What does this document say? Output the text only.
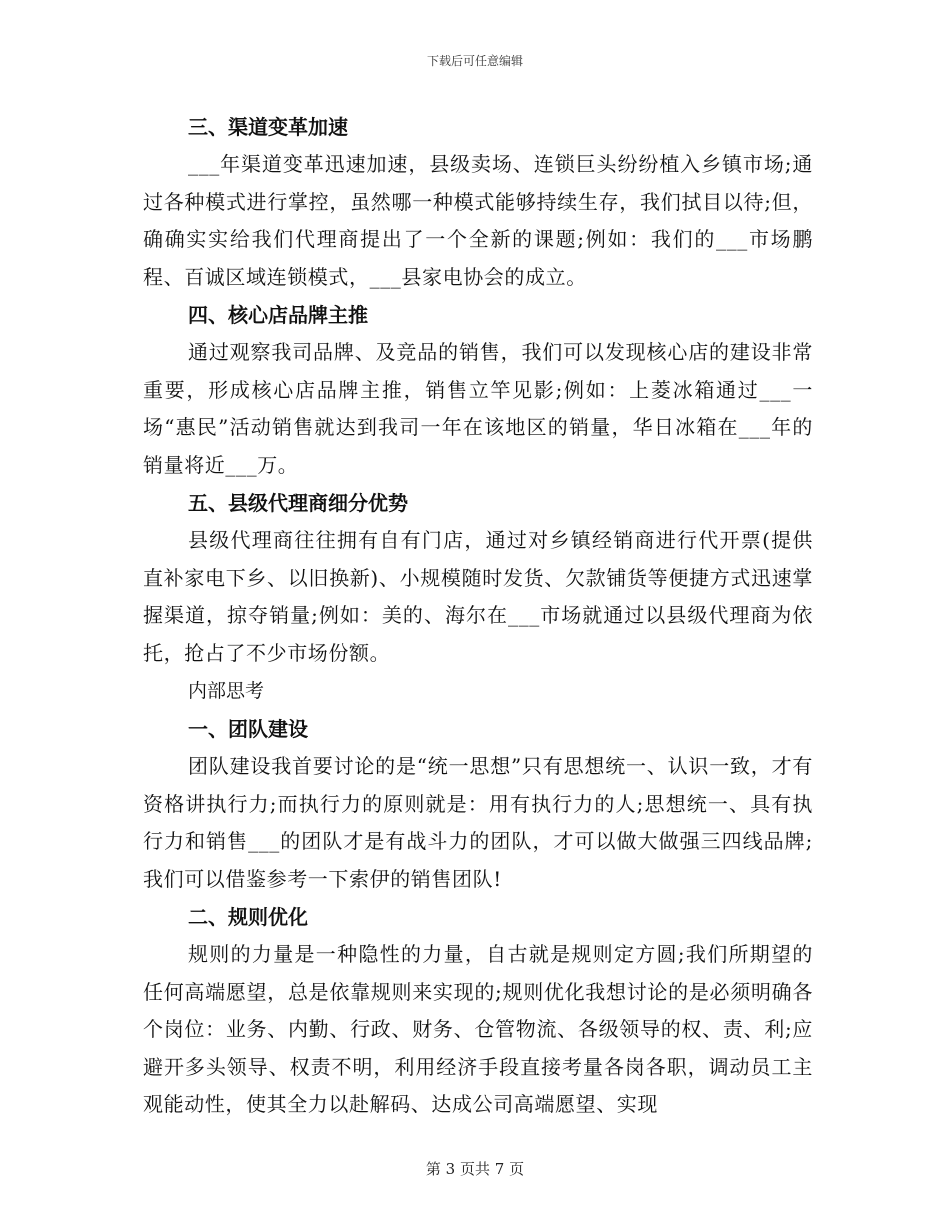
下载后可任意编辑

三、渠道变革加速

___年渠道变革迅速加速，县级卖场、连锁巨头纷纷植入乡镇市场;通过各种模式进行掌控，虽然哪一种模式能够持续生存，我们拭目以待;但，确确实实给我们代理商提出了一个全新的课题;例如：我们的___市场鹏程、百诚区域连锁模式，___县家电协会的成立。

四、核心店品牌主推

通过观察我司品牌、及竞品的销售，我们可以发现核心店的建设非常重要，形成核心店品牌主推，销售立竿见影;例如：上菱冰箱通过___一场“惠民”活动销售就达到我司一年在该地区的销量，华日冰箱在___年的销量将近___万。

五、县级代理商细分优势

县级代理商往往拥有自有门店，通过对乡镇经销商进行代开票(提供直补家电下乡、以旧换新)、小规模随时发货、欠款铺货等便捷方式迅速掌握渠道，掠夺销量;例如：美的、海尔在___市场就通过以县级代理商为依托，抢占了不少市场份额。

内部思考

一、团队建设

团队建设我首要讨论的是“统一思想”只有思想统一、认识一致，才有资格讲执行力;而执行力的原则就是：用有执行力的人;思想统一、具有执行力和销售___的团队才是有战斗力的团队，才可以做大做强三四线品牌;我们可以借鉴参考一下索伊的销售团队!

二、规则优化

规则的力量是一种隐性的力量，自古就是规则定方圆;我们所期望的任何高端愿望，总是依靠规则来实现的;规则优化我想讨论的是必须明确各个岗位：业务、内勤、行政、财务、仓管物流、各级领导的权、责、利;应避开多头领导、权责不明，利用经济手段直接考量各岗各职，调动员工主观能动性，使其全力以赴解码、达成公司高端愿望、实现

第 3 页共 7 页
